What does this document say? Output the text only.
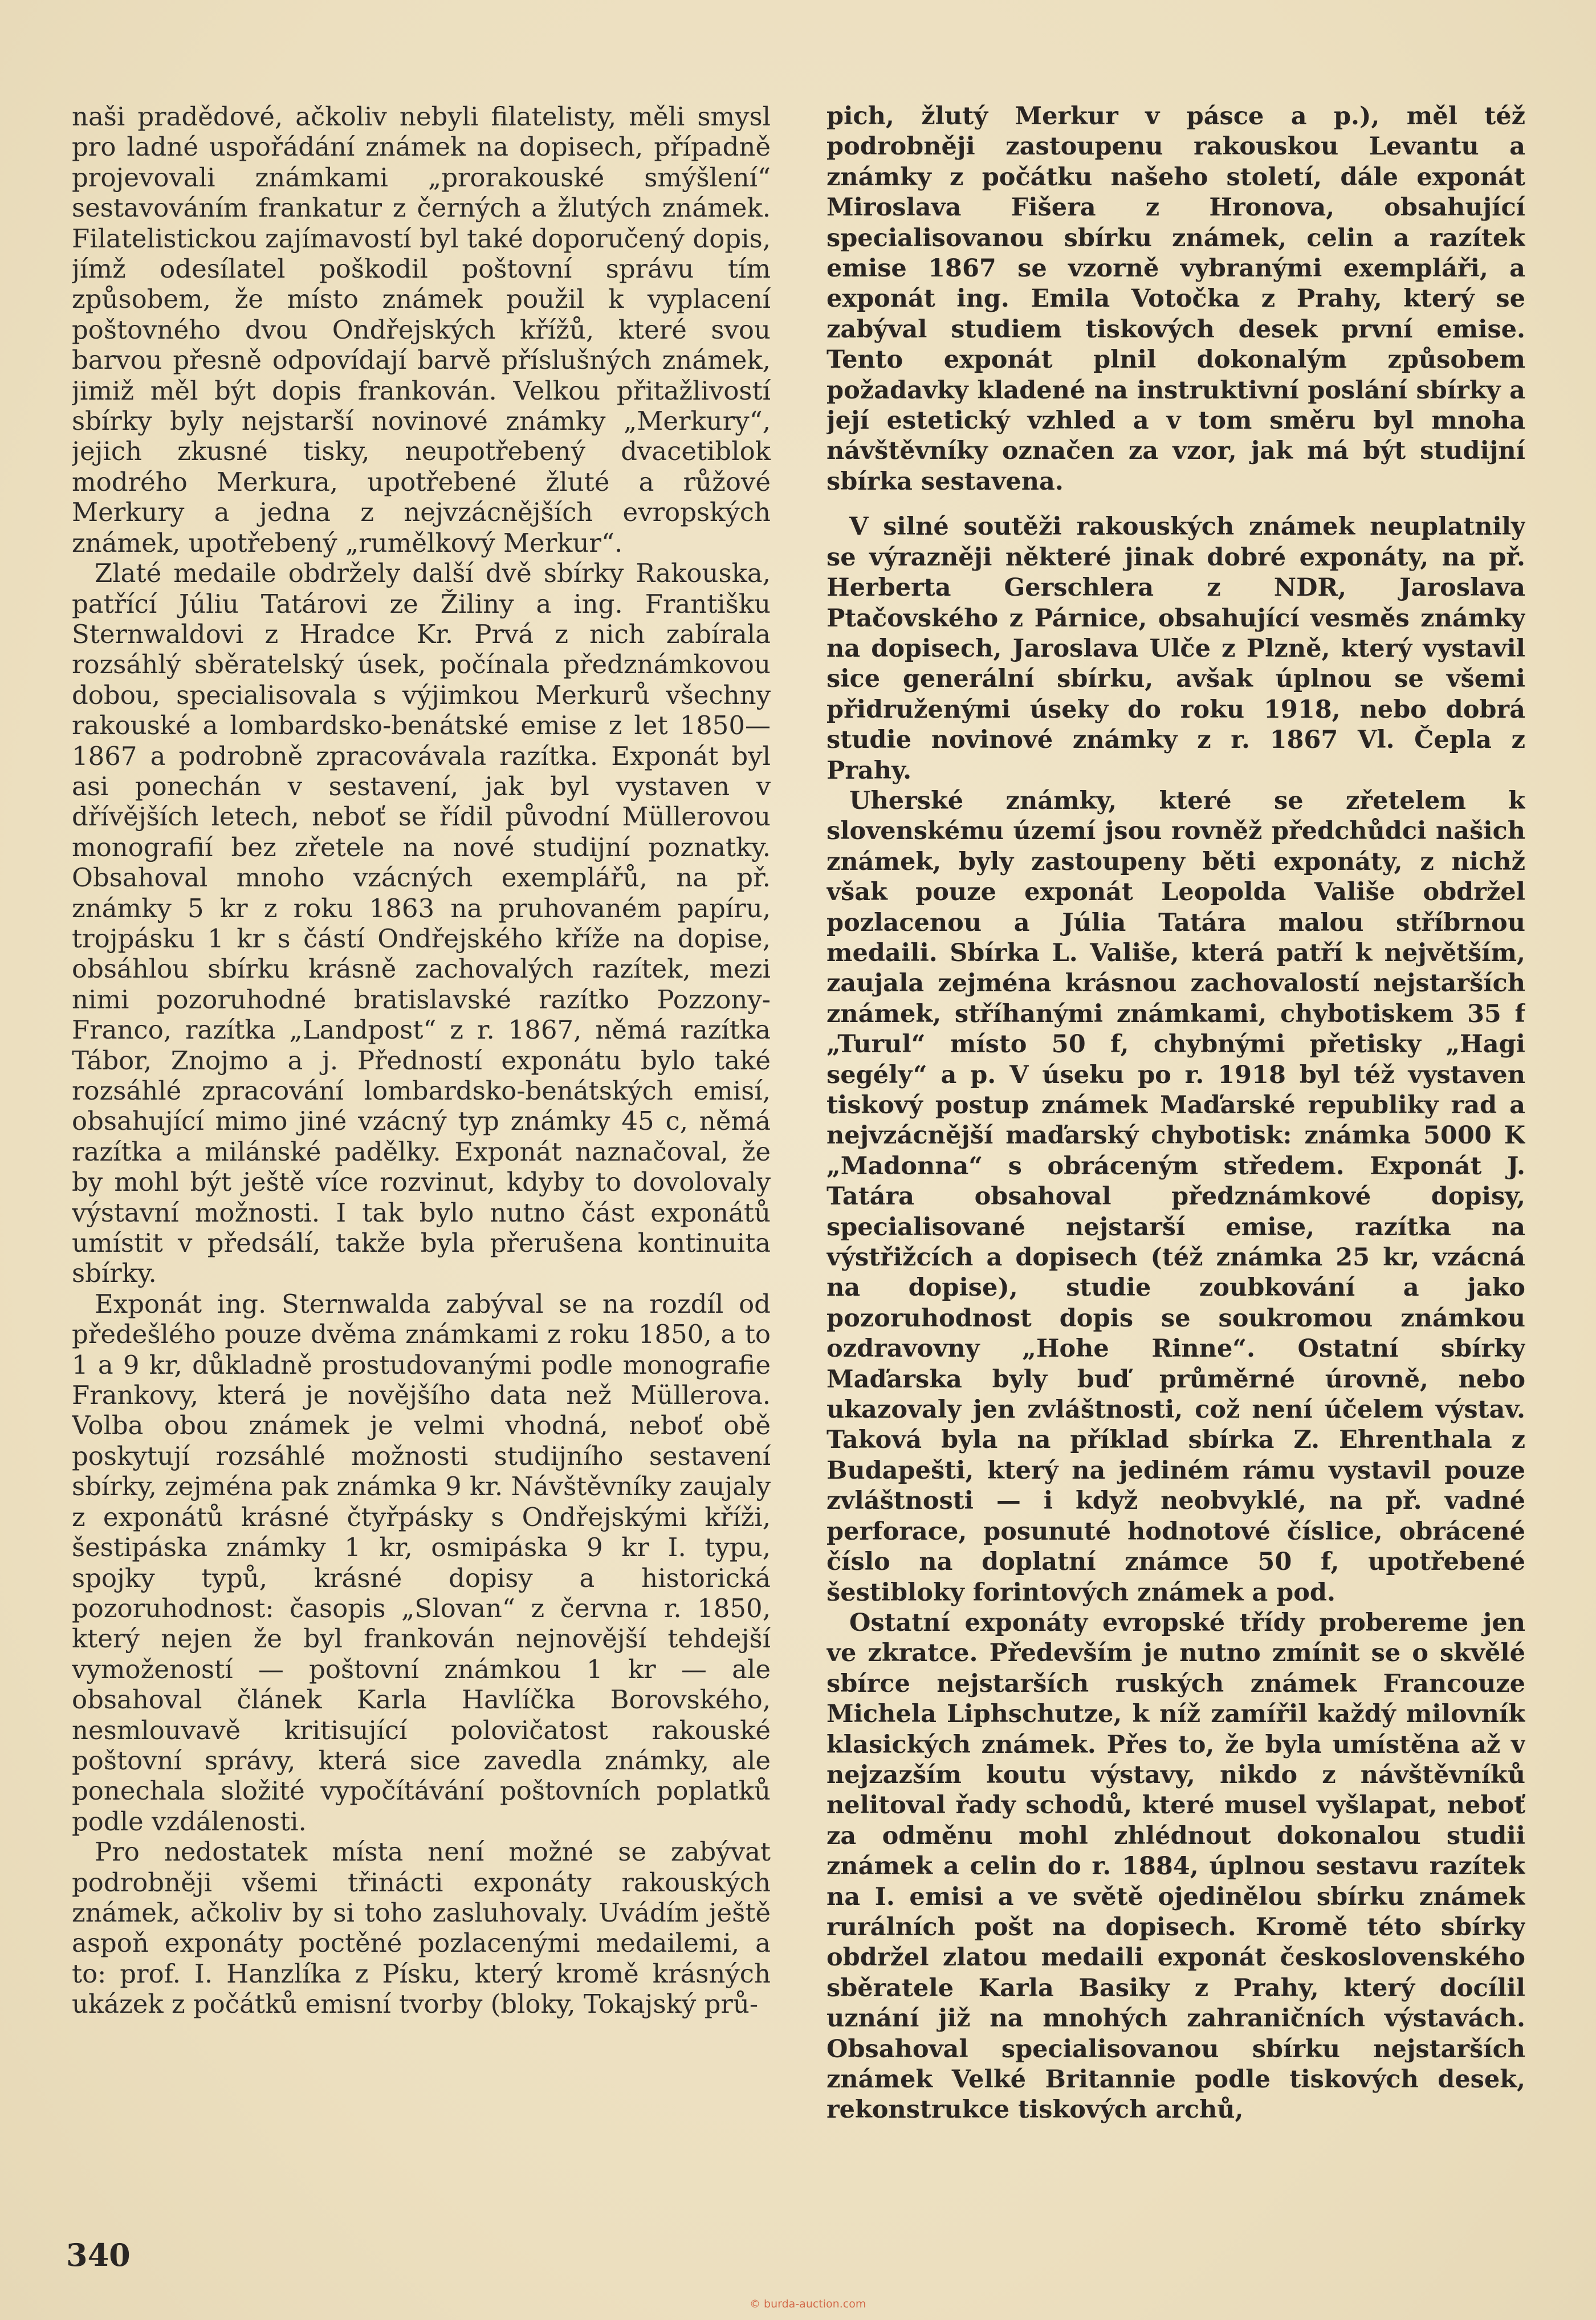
naši pradědové, ačkoliv nebyli filatelisty, měli smysl pro ladné uspořádání známek na dopisech, případně projevovali známkami „prorakouské smýšlení“ sestavováním frankatur z černých a žlutých známek. Filatelistickou zajímavostí byl také doporučený dopis, jímž odesílatel poškodil poštovní správu tím způsobem, že místo známek použil k vyplacení poštovného dvou Ondřejských křížů, které svou barvou přesně odpovídají barvě příslušných známek, jimiž měl být dopis frankován. Velkou přitažlivostí sbírky byly nejstarší novinové známky „Merkury“, jejich zkusné tisky, neupotřebený dvacetiblok modrého Merkura, upotřebené žluté a růžové Merkury a jedna z nejvzácnějších evropských známek, upotřebený „rumělkový Merkur“.

Zlaté medaile obdržely další dvě sbírky Rakouska, patřící Júliu Tatárovi ze Žiliny a ing. Františku Sternwaldovi z Hradce Kr. Prvá z nich zabírala rozsáhlý sběratelský úsek, počínala předznámkovou dobou, specialisovala s výjimkou Merkurů všechny rakouské a lombardsko-benátské emise z let 1850—1867 a podrobně zpracovávala razítka. Exponát byl asi ponechán v sestavení, jak byl vystaven v dřívějších letech, neboť se řídil původní Müllerovou monografií bez zřetele na nové studijní poznatky. Obsahoval mnoho vzácných exemplářů, na př. známky 5 kr z roku 1863 na pruhovaném papíru, trojpásku 1 kr s částí Ondřejského kříže na dopise, obsáhlou sbírku krásně zachovalých razítek, mezi nimi pozoruhodné bratislavské razítko Pozzony-Franco, razítka „Landpost“ z r. 1867, němá razítka Tábor, Znojmo a j. Předností exponátu bylo také rozsáhlé zpracování lombardsko-benátských emisí, obsahující mimo jiné vzácný typ známky 45 c, němá razítka a milánské padělky. Exponát naznačoval, že by mohl být ještě více rozvinut, kdyby to dovolovaly výstavní možnosti. I tak bylo nutno část exponátů umístit v předsálí, takže byla přerušena kontinuita sbírky.

Exponát ing. Sternwalda zabýval se na rozdíl od předešlého pouze dvěma známkami z roku 1850, a to 1 a 9 kr, důkladně prostudovanými podle monografie Frankovy, která je novějšího data než Müllerova. Volba obou známek je velmi vhodná, neboť obě poskytují rozsáhlé možnosti studijního sestavení sbírky, zejména pak známka 9 kr. Návštěvníky zaujaly z exponátů krásné čtyřpásky s Ondřejskými kříži, šestipáska známky 1 kr, osmipáska 9 kr I. typu, spojky typů, krásné dopisy a historická pozoruhodnost: časopis „Slovan“ z června r. 1850, který nejen že byl frankován nejnovější tehdejší vymožeností — poštovní známkou 1 kr — ale obsahoval článek Karla Havlíčka Borovského, nesmlouvavě kritisující polovičatost rakouské poštovní správy, která sice zavedla známky, ale ponechala složité vypočítávání poštovních poplatků podle vzdálenosti.

Pro nedostatek místa není možné se zabývat podrobněji všemi třinácti exponáty rakouských známek, ačkoliv by si toho zasluhovaly. Uvádím ještě aspoň exponáty poctěné pozlacenými medailemi, a to: prof. I. Hanzlíka z Písku, který kromě krásných ukázek z počátků emisní tvorby (bloky, Tokajský prů-

pich, žlutý Merkur v pásce a p.), měl též podrobněji zastoupenu rakouskou Levantu a známky z počátku našeho století, dále exponát Miroslava Fišera z Hronova, obsahující specialisovanou sbírku známek, celin a razítek emise 1867 se vzorně vybranými exempláři, a exponát ing. Emila Votočka z Prahy, který se zabýval studiem tiskových desek první emise. Tento exponát plnil dokonalým způsobem požadavky kladené na instruktivní poslání sbírky a její estetický vzhled a v tom směru byl mnoha návštěvníky označen za vzor, jak má být studijní sbírka sestavena.

V silné soutěži rakouských známek neuplatnily se výrazněji některé jinak dobré exponáty, na př. Herberta Gerschlera z NDR, Jaroslava Ptačovského z Párnice, obsahující vesměs známky na dopisech, Jaroslava Ulče z Plzně, který vystavil sice generální sbírku, avšak úplnou se všemi přidruženými úseky do roku 1918, nebo dobrá studie novinové známky z r. 1867 Vl. Čepla z Prahy.

Uherské známky, které se zřetelem k slovenskému území jsou rovněž předchůdci našich známek, byly zastoupeny běti exponáty, z nichž však pouze exponát Leopolda Vališe obdržel pozlacenou a Júlia Tatára malou stříbrnou medaili. Sbírka L. Vališe, která patří k největším, zaujala zejména krásnou zachovalostí nejstarších známek, stříhanými známkami, chybotiskem 35 f „Turul“ místo 50 f, chybnými přetisky „Hagi segély“ a p. V úseku po r. 1918 byl též vystaven tiskový postup známek Maďarské republiky rad a nejvzácnější maďarský chybotisk: známka 5000 K „Madonna“ s obráceným středem. Exponát J. Tatára obsahoval předznámkové dopisy, specialisované nejstarší emise, razítka na výstřižcích a dopisech (též známka 25 kr, vzácná na dopise), studie zoubkování a jako pozoruhodnost dopis se soukromou známkou ozdravovny „Hohe Rinne“. Ostatní sbírky Maďarska byly buď průměrné úrovně, nebo ukazovaly jen zvláštnosti, což není účelem výstav. Taková byla na příklad sbírka Z. Ehrenthala z Budapešti, který na jediném rámu vystavil pouze zvláštnosti — i když neobvyklé, na př. vadné perforace, posunuté hodnotové číslice, obrácené číslo na doplatní známce 50 f, upotřebené šestibloky forintových známek a pod.

Ostatní exponáty evropské třídy probereme jen ve zkratce. Především je nutno zmínit se o skvělé sbírce nejstarších ruských známek Francouze Michela Liphschutze, k níž zamířil každý milovník klasických známek. Přes to, že byla umístěna až v nejzazším koutu výstavy, nikdo z návštěvníků nelitoval řady schodů, které musel vyšlapat, neboť za odměnu mohl zhlédnout dokonalou studii známek a celin do r. 1884, úplnou sestavu razítek na I. emisi a ve světě ojedinělou sbírku známek rurálních pošt na dopisech. Kromě této sbírky obdržel zlatou medaili exponát československého sběratele Karla Basiky z Prahy, který docílil uznání již na mnohých zahraničních výstavách. Obsahoval specialisovanou sbírku nejstarších známek Velké Britannie podle tiskových desek, rekonstrukce tiskových archů,

340
© burda-auction.com
